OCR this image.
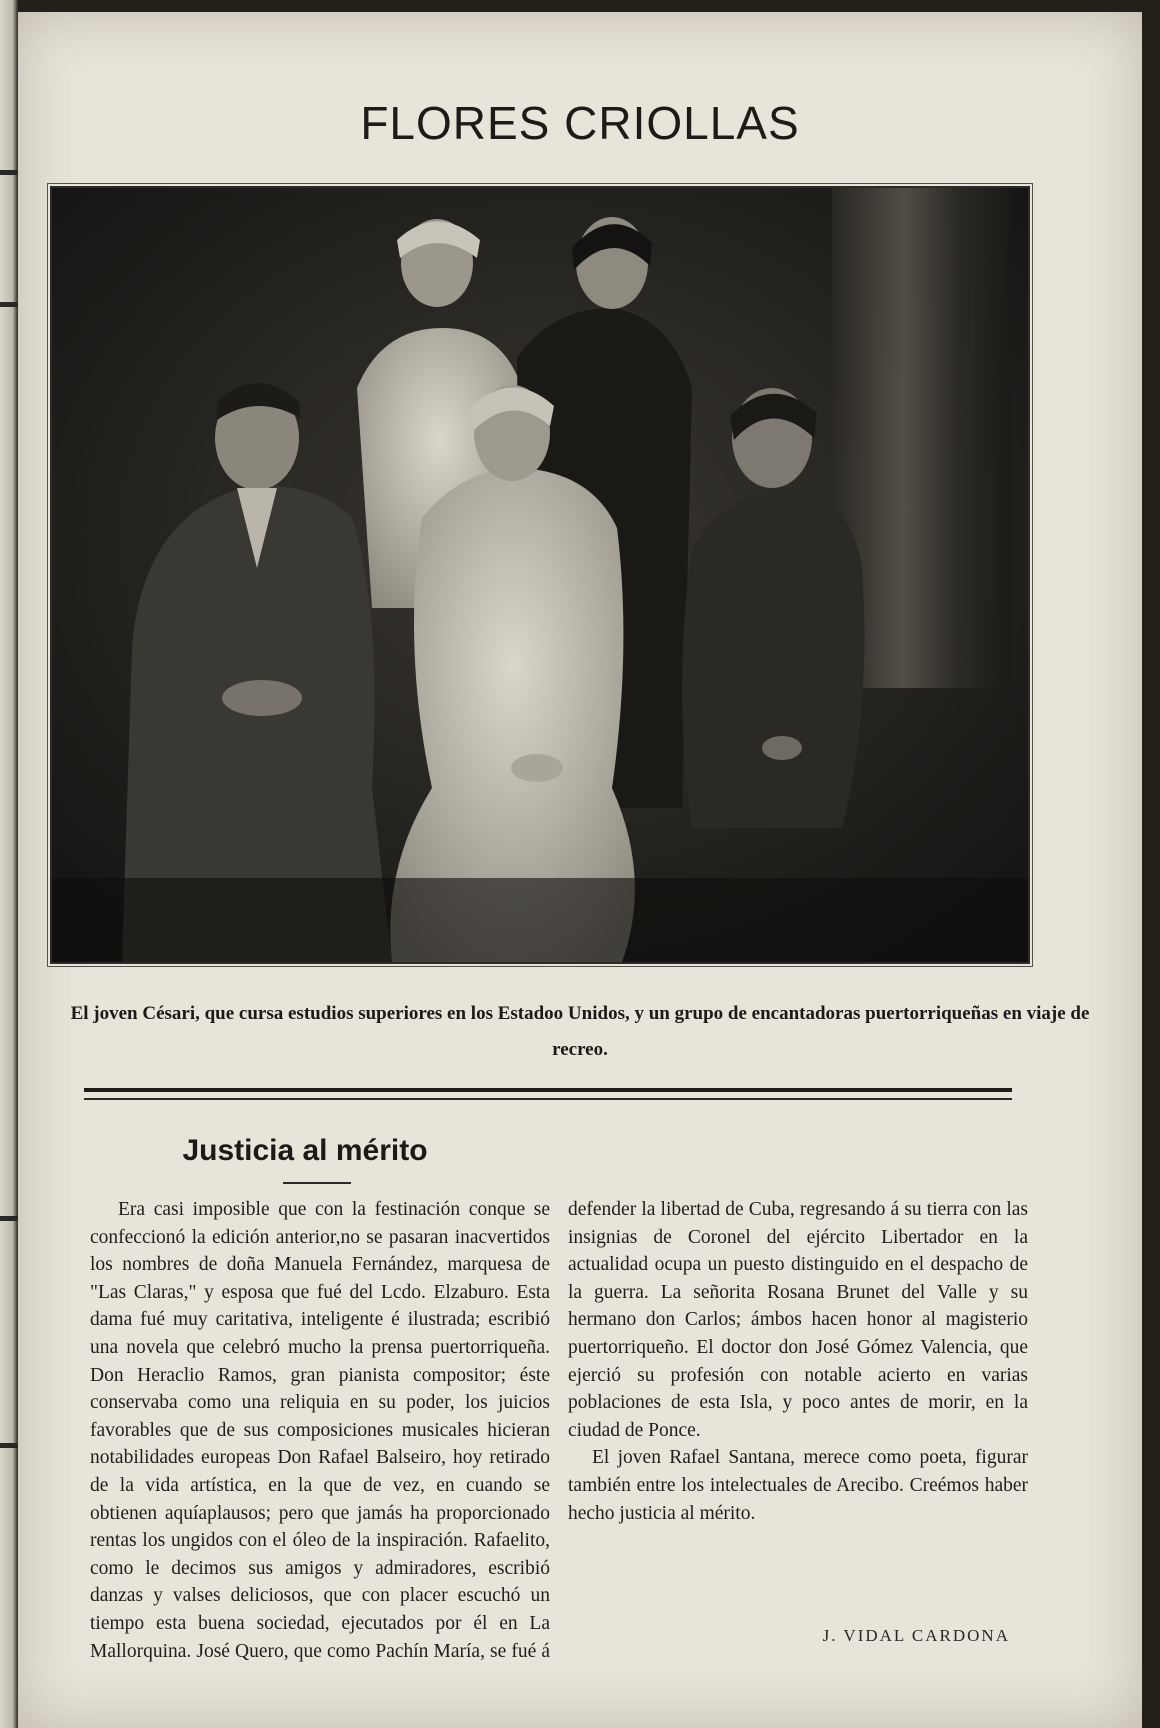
FLORES CRIOLLAS
El joven Césari, que cursa estudios superiores en los Estadoo Unidos, y un grupo de encantadoras puertorriqueñas en viaje de recreo.
Justicia al mérito

Era casi imposible que con la festinación conque se confeccionó la edición anterior,no se pasaran inacvertidos los nombres de doña Manuela Fernández, marquesa de "Las Claras," y esposa que fué del Lcdo. Elzaburo. Esta dama fué muy caritativa, inteligente é ilustrada; escribió una novela que celebró mucho la prensa puertorriqueña. Don Heraclio Ramos, gran pianista compositor; éste conservaba como una reliquia en su poder, los juicios favorables que de sus composiciones musicales hicieran notabilidades europeas Don Rafael Balseiro, hoy retirado de la vida artística, en la que de vez, en cuando se obtienen aquíaplausos; pero que jamás ha proporcionado rentas los ungidos con el óleo de la inspiración. Rafaelito, como le decimos sus amigos y admiradores, escribió danzas y valses deliciosos, que con placer escuchó un tiempo esta buena sociedad, ejecutados por él en La Mallorquina. José Quero, que como Pachín María, se fué á defender la libertad de Cuba, regresando á su tierra con las insignias de Coronel del ejército Libertador en la actualidad ocupa un puesto distinguido en el despacho de la guerra. La señorita Rosana Brunet del Valle y su hermano don Carlos; ámbos hacen honor al magisterio puertorriqueño. El doctor don José Gómez Valencia, que ejerció su profesión con notable acierto en varias poblaciones de esta Isla, y poco antes de morir, en la ciudad de Ponce.

El joven Rafael Santana, merece como poeta, figurar también entre los intelectuales de Arecibo. Creémos haber hecho justicia al mérito.

J. VIDAL CARDONA
